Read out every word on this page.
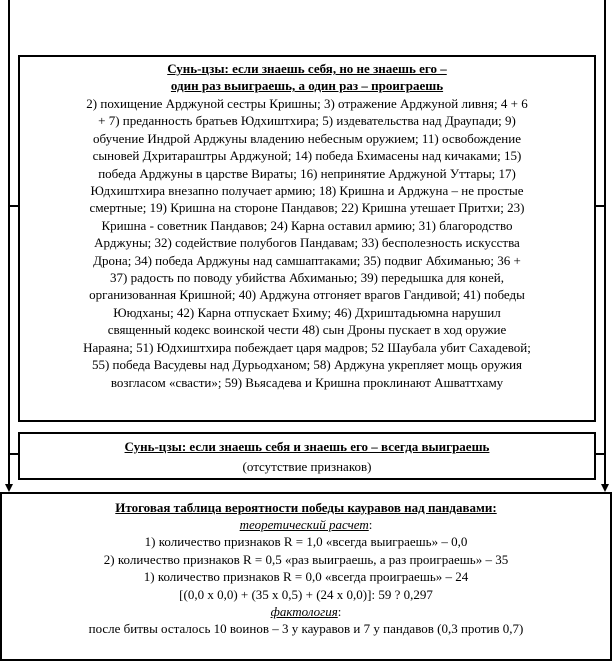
Сунь-цзы: если знаешь себя, но не знаешь его –
один раз выиграешь, а один раз – проиграешь
2) похищение Арджуной сестры Кришны; 3) отражение Арджуной ливня; 4 + 6
+ 7) преданность братьев Юдхиштхира; 5) издевательства над Драупади; 9)
обучение Индрой Арджуны владению небесным оружием; 11) освобождение
сыновей Дхритараштры Арджуной; 14) победа Бхимасены над кичаками; 15)
победа Арджуны в царстве Вираты; 16) непринятие Арджуной Уттары; 17)
Юдхиштхира внезапно получает армию; 18) Кришна и Арджуна – не простые
смертные; 19) Кришна на стороне Пандавов; 22) Кришна утешает Притхи; 23)
Кришна - советник Пандавов; 24) Карна оставил армию; 31) благородство
Арджуны; 32) содействие полубогов Пандавам; 33) бесполезность искусства
Дрона; 34) победа Арджуны над самшаптаками; 35) подвиг Абхиманью; 36 +
37) радость по поводу убийства Абхиманью; 39) передышка для коней,
организованная Кришной; 40) Арджуна отгоняет врагов Гандивой; 41) победы
Ююдханы; 42) Карна отпускает Бхиму; 46) Дхриштадьюмна нарушил
священный кодекс воинской чести 48) сын Дроны пускает в ход оружие
Нараяна; 51) Юдхиштхира побеждает царя мадров; 52 Шаубала убит Сахадевой;
55) победа Васудевы над Дурьодханом; 58) Арджуна укрепляет мощь оружия
возгласом «свасти»; 59) Вьясадева и Кришна проклинают Ашваттхаму
Сунь-цзы: если знаешь себя и знаешь его – всегда выиграешь
(отсутствие признаков)
Итоговая таблица вероятности победы кауравов над пандавами:
теоретический расчет:
1) количество признаков R = 1,0 «всегда выиграешь» – 0,0
2) количество признаков R = 0,5 «раз выиграешь, а раз проиграешь» – 35
1) количество признаков R = 0,0 «всегда проиграешь» – 24
[(0,0 x 0,0) + (35 x 0,5) + (24 x 0,0)]: 59 ? 0,297
фактология:
после битвы осталось 10 воинов – 3 у кауравов и 7 у пандавов (0,3 против 0,7)
